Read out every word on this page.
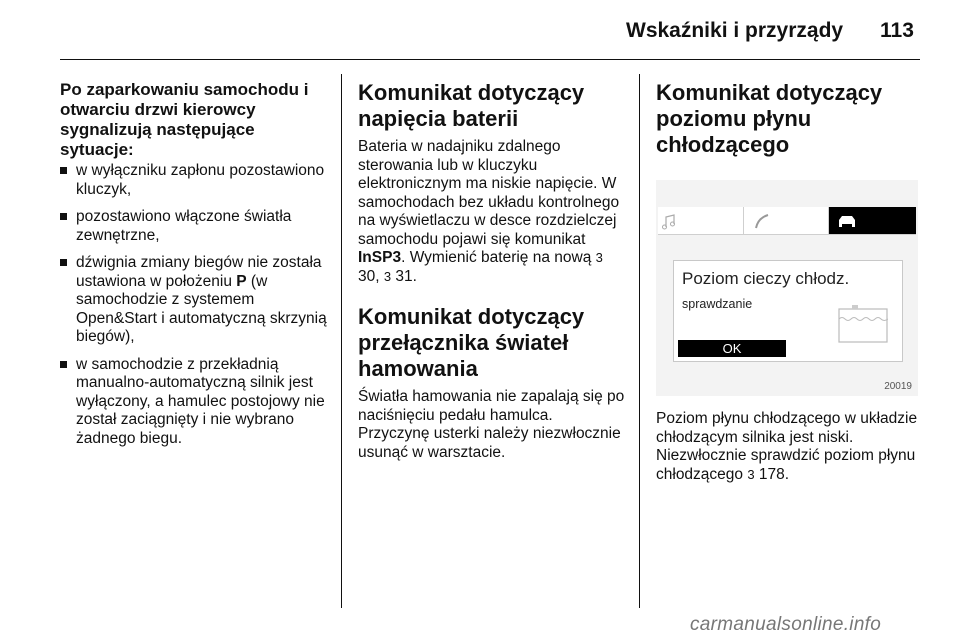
Wskaźniki i przyrządy 113
Po zaparkowaniu samochodu i otwarciu drzwi kierowcy sygnalizują następujące sytuacje:
w wyłączniku zapłonu pozostawiono kluczyk,
pozostawiono włączone światła zewnętrzne,
dźwignia zmiany biegów nie została ustawiona w położeniu P (w samochodzie z systemem Open&Start i automatyczną skrzynią biegów),
w samochodzie z przekładnią manualno-automatyczną silnik jest wyłączony, a hamulec postojowy nie został zaciągnięty i nie wybrano żadnego biegu.
Komunikat dotyczący napięcia baterii

Bateria w nadajniku zdalnego sterowania lub w kluczyku elektronicznym ma niskie napięcie. W samochodach bez układu kontrolnego na wyświetlaczu w desce rozdzielczej samochodu pojawi się komunikat InSP3. Wymienić baterię na nową 3 30, 3 31.

Komunikat dotyczący przełącznika świateł hamowania

Światła hamowania nie zapalają się po naciśnięciu pedału hamulca. Przyczynę usterki należy niezwłocznie usunąć w warsztacie.

Komunikat dotyczący poziomu płynu chłodzącego
Poziom cieczy chłodz.
sprawdzanie
OK
20019

Poziom płynu chłodzącego w układzie chłodzącym silnika jest niski. Niezwłocznie sprawdzić poziom płynu chłodzącego 3 178.

carmanualsonline.info
